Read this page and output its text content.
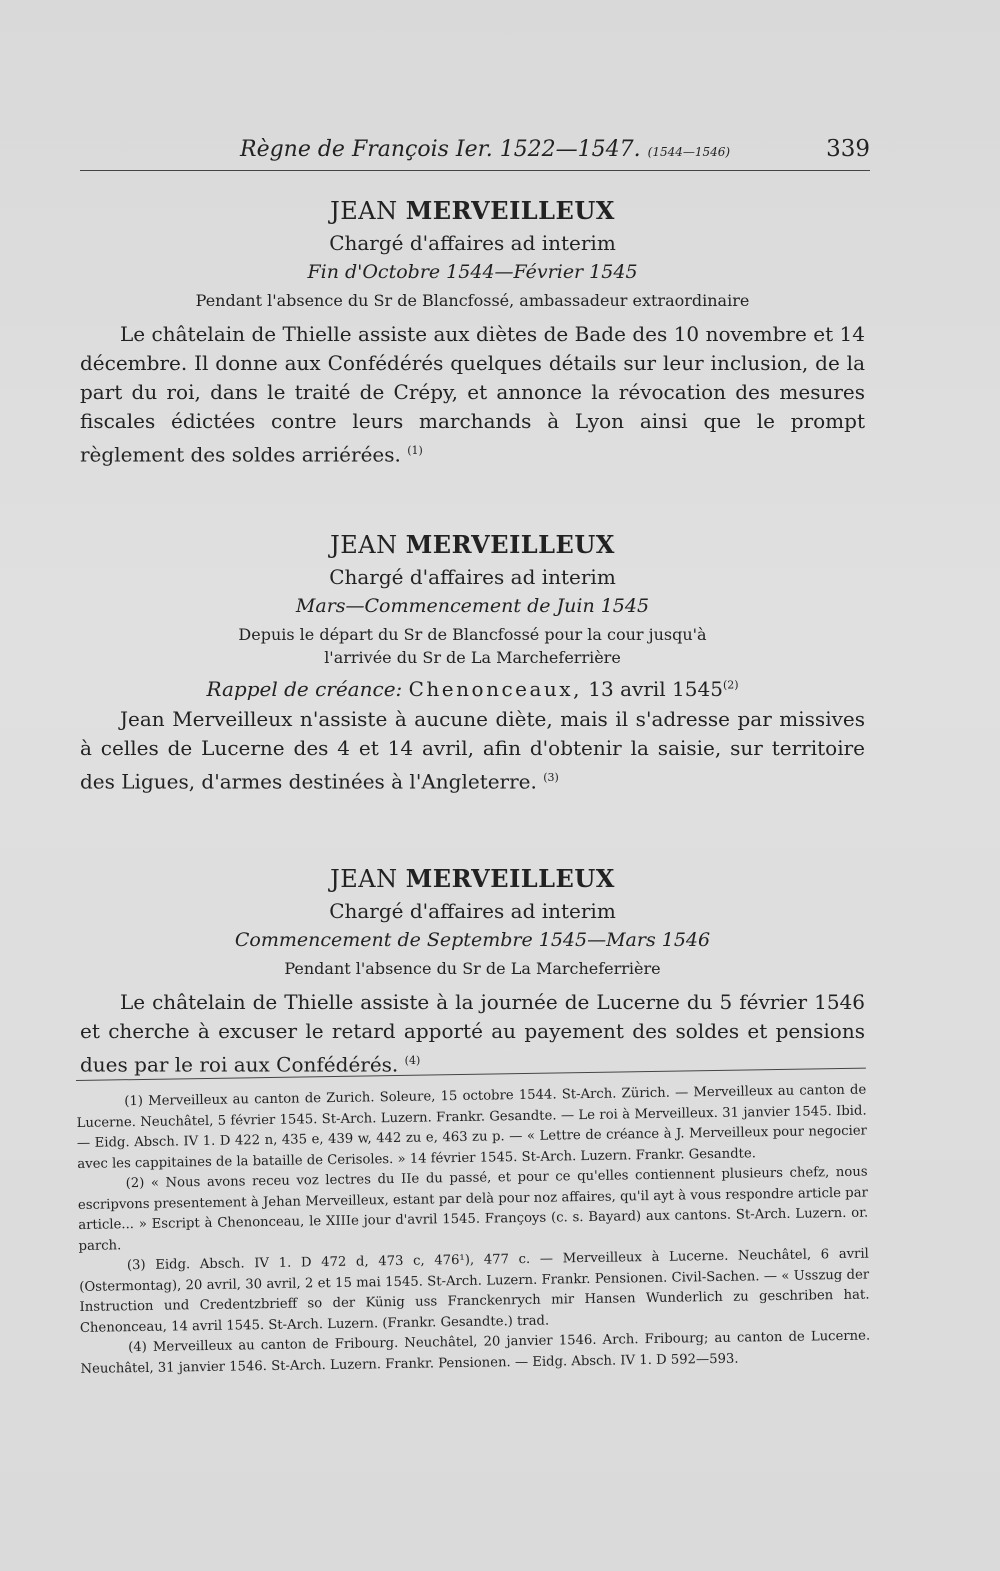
Règne de François Ier. 1522—1547. (1544—1546)	339
JEAN MERVEILLEUX
Chargé d'affaires ad interim
Fin d'Octobre 1544—Février 1545
Pendant l'absence du Sr de Blancfossé, ambassadeur extraordinaire

Le châtelain de Thielle assiste aux diètes de Bade des 10 novembre et 14 décembre. Il donne aux Confédérés quelques détails sur leur inclusion, de la part du roi, dans le traité de Crépy, et annonce la révocation des mesures fiscales édictées contre leurs marchands à Lyon ainsi que le prompt règlement des soldes arriérées. $^{(1)}$

JEAN MERVEILLEUX
Chargé d'affaires ad interim
Mars—Commencement de Juin 1545
Depuis le départ du Sr de Blancfossé pour la cour jusqu'à
l'arrivée du Sr de La Marcheferrière
Rappel de créance: Chenonceaux, 13 avril 1545$^{(2)}$

Jean Merveilleux n'assiste à aucune diète, mais il s'adresse par missives à celles de Lucerne des 4 et 14 avril, afin d'obtenir la saisie, sur territoire des Ligues, d'armes destinées à l'Angleterre. $^{(3)}$

JEAN MERVEILLEUX
Chargé d'affaires ad interim
Commencement de Septembre 1545—Mars 1546
Pendant l'absence du Sr de La Marcheferrière

Le châtelain de Thielle assiste à la journée de Lucerne du 5 février 1546 et cherche à excuser le retard apporté au payement des soldes et pensions dues par le roi aux Confédérés. $^{(4)}$

(1) Merveilleux au canton de Zurich. Soleure, 15 octobre 1544. St-Arch. Zürich. — Merveilleux au canton de Lucerne. Neuchâtel, 5 février 1545. St-Arch. Luzern. Frankr. Gesandte. — Le roi à Merveilleux. 31 janvier 1545. Ibid. — Eidg. Absch. IV 1. D 422 n, 435 e, 439 w, 442 zu e, 463 zu p. — « Lettre de créance à J. Merveilleux pour negocier avec les cappitaines de la bataille de Cerisoles. » 14 février 1545. St-Arch. Luzern. Frankr. Gesandte.
(2) « Nous avons receu voz lectres du IIe du passé, et pour ce qu'elles contiennent plusieurs chefz, nous escripvons presentement à Jehan Merveilleux, estant par delà pour noz affaires, qu'il ayt à vous respondre article par article... » Escript à Chenonceau, le XIIIe jour d'avril 1545. Françoys (c. s. Bayard) aux cantons. St-Arch. Luzern. or. parch.
(3) Eidg. Absch. IV 1. D 472 d, 473 c, 476¹), 477 c. — Merveilleux à Lucerne. Neuchâtel, 6 avril (Ostermontag), 20 avril, 30 avril, 2 et 15 mai 1545. St-Arch. Luzern. Frankr. Pensionen. Civil-Sachen. — « Usszug der Instruction und Credentzbrieff so der Künig uss Franckenrych mir Hansen Wunderlich zu geschriben hat. Chenonceau, 14 avril 1545. St-Arch. Luzern. (Frankr. Gesandte.) trad.
(4) Merveilleux au canton de Fribourg. Neuchâtel, 20 janvier 1546. Arch. Fribourg; au canton de Lucerne. Neuchâtel, 31 janvier 1546. St-Arch. Luzern. Frankr. Pensionen. — Eidg. Absch. IV 1. D 592—593.
